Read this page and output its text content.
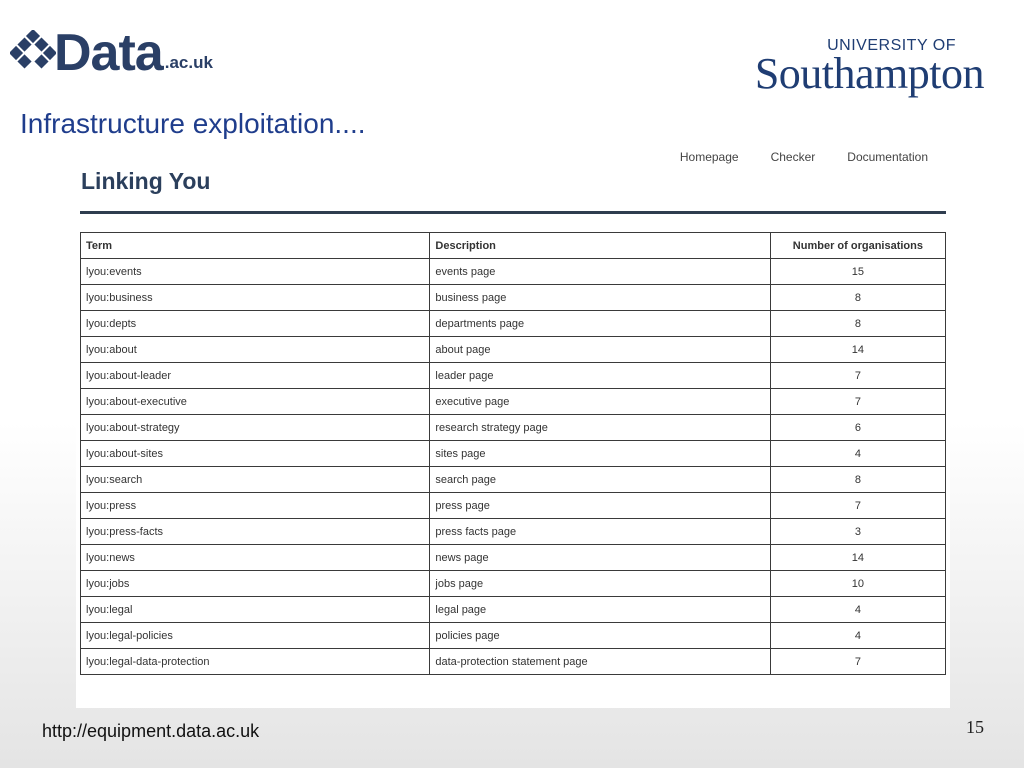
Data .ac.uk
UNIVERSITY OF
Southampton
Infrastructure exploitation....
Homepage	Checker	Documentation
Linking You
Term	Description	Number of organisations
lyou:events	events page	15
lyou:business	business page	8
lyou:depts	departments page	8
lyou:about	about page	14
lyou:about-leader	leader page	7
lyou:about-executive	executive page	7
lyou:about-strategy	research strategy page	6
lyou:about-sites	sites page	4
lyou:search	search page	8
lyou:press	press page	7
lyou:press-facts	press facts page	3
lyou:news	news page	14
lyou:jobs	jobs page	10
lyou:legal	legal page	4
lyou:legal-policies	policies page	4
lyou:legal-data-protection	data-protection statement page	7
http://equipment.data.ac.uk	15
